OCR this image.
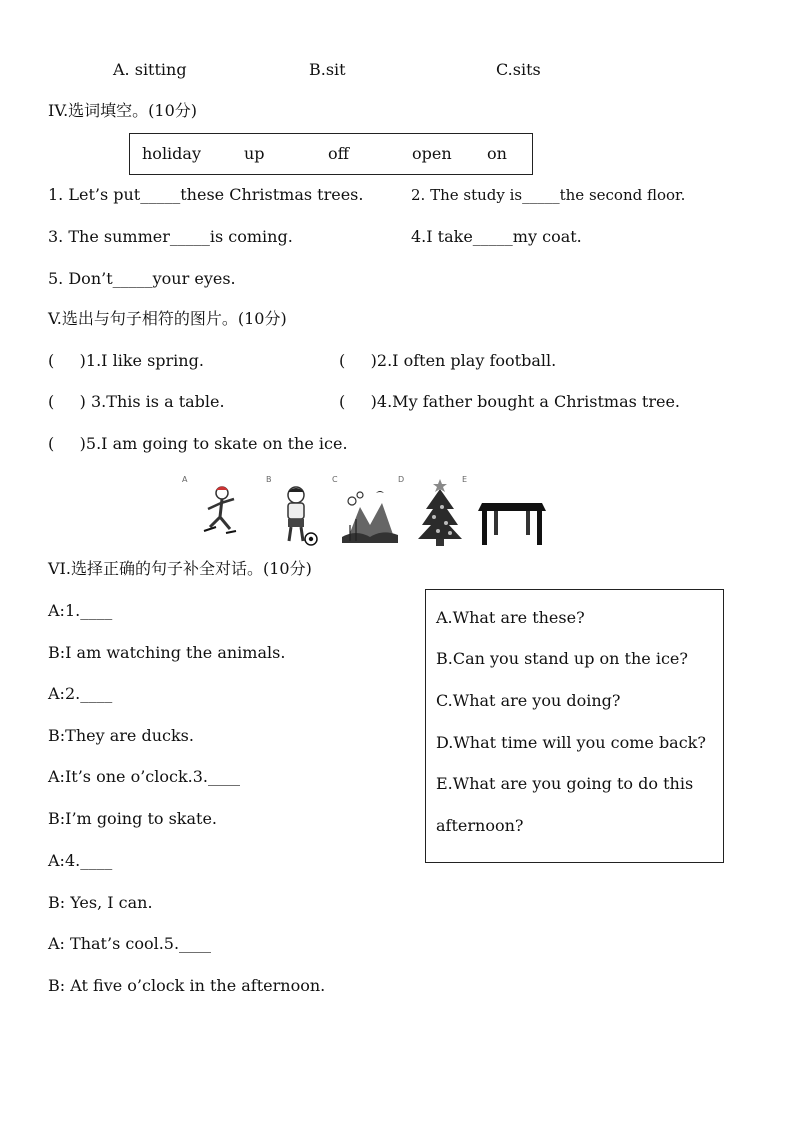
A. sitting	B.sit	C.sits
IV.选词填空。(10分)
holiday	up	off	open on
1. Let’s put_____these Christmas trees.	2. The study is_____the second floor.
3. The summer_____is coming.	4.I take_____my coat.
5. Don’t_____your eyes.
V.选出与句子相符的图片。(10分)
(     )1.I like spring.	(     )2.I often play football.
(     ) 3.This is a table.	(     )4.My father bought a Christmas tree.
(     )5.I am going to skate on the ice.
A	B	C	D	E
VI.选择正确的句子补全对话。(10分)
A:1.____
B:I am watching the animals.
A:2.____
B:They are ducks.
A:It’s one o’clock.3.____
B:I’m going to skate.
A:4.____
B: Yes, I can.
A: That’s cool.5.____
B: At five o’clock in the afternoon.
A.What are these?
B.Can you stand up on the ice?
C.What are you doing?
D.What time will you come back?
E.What are you going to do this
afternoon?
